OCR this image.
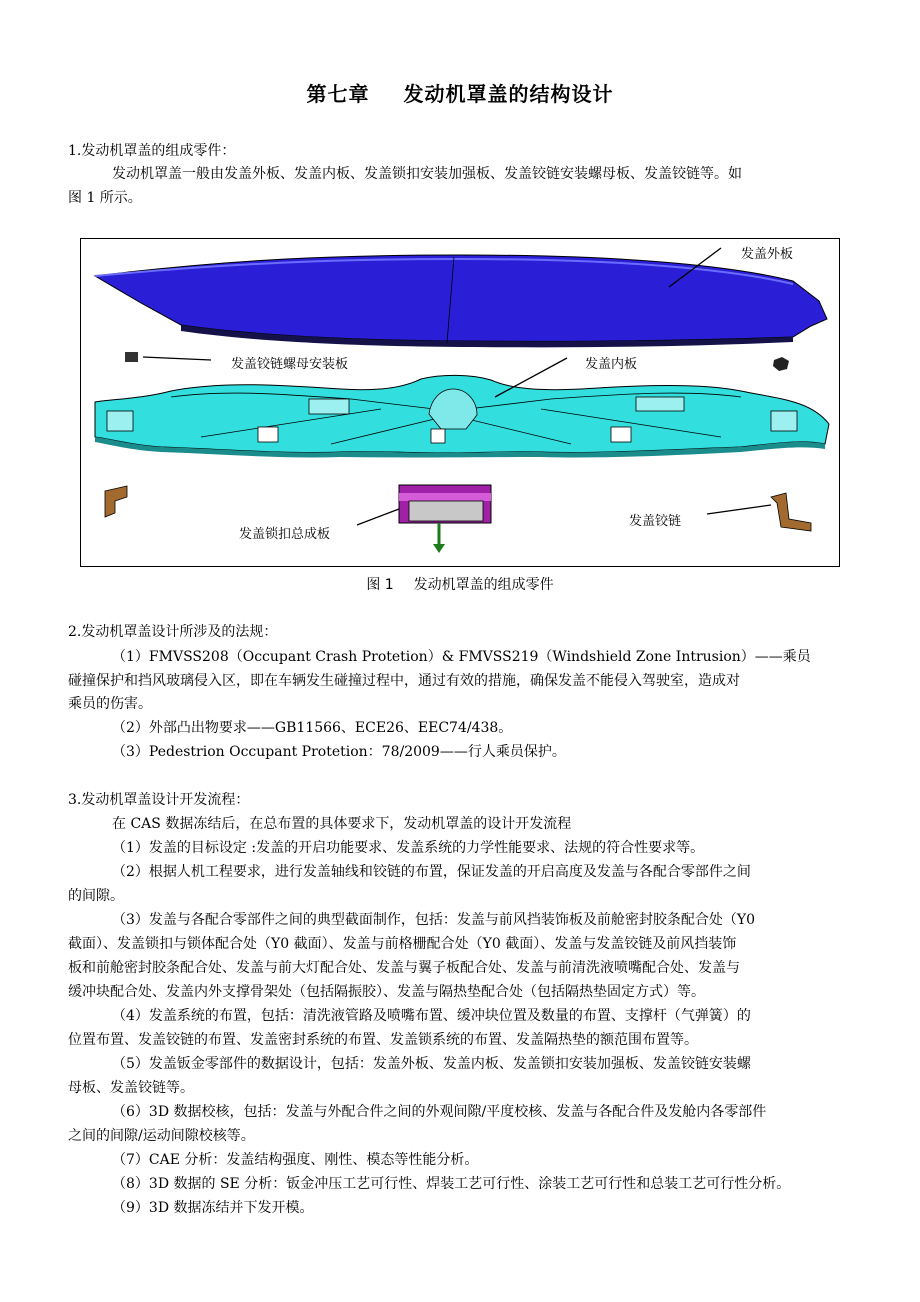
第七章 发动机罩盖的结构设计
1.发动机罩盖的组成零件：
发动机罩盖一般由发盖外板、发盖内板、发盖锁扣安装加强板、发盖铰链安装螺母板、发盖铰链等。如
图 1 所示。
发盖外板
发盖铰链螺母安装板	发盖内板
发盖锁扣总成板
发盖铰链
图 1 发动机罩盖的组成零件
2.发动机罩盖设计所涉及的法规：
（1）FMVSS208（Occupant Crash Protetion）& FMVSS219（Windshield Zone Intrusion）——乘员
碰撞保护和挡风玻璃侵入区，即在车辆发生碰撞过程中，通过有效的措施，确保发盖不能侵入驾驶室，造成对
乘员的伤害。
（2）外部凸出物要求——GB11566、ECE26、EEC74/438。
（3）Pedestrion Occupant Protetion：78/2009——行人乘员保护。
3.发动机罩盖设计开发流程：
在 CAS 数据冻结后，在总布置的具体要求下，发动机罩盖的设计开发流程
（1）发盖的目标设定 :发盖的开启功能要求、发盖系统的力学性能要求、法规的符合性要求等。
（2）根据人机工程要求，进行发盖轴线和铰链的布置，保证发盖的开启高度及发盖与各配合零部件之间
的间隙。
（3）发盖与各配合零部件之间的典型截面制作，包括：发盖与前风挡装饰板及前舱密封胶条配合处（Y0
截面）、发盖锁扣与锁体配合处（Y0 截面）、发盖与前格栅配合处（Y0 截面）、发盖与发盖铰链及前风挡装饰
板和前舱密封胶条配合处、发盖与前大灯配合处、发盖与翼子板配合处、发盖与前清洗液喷嘴配合处、发盖与
缓冲块配合处、发盖内外支撑骨架处（包括隔振胶）、发盖与隔热垫配合处（包括隔热垫固定方式）等。
（4）发盖系统的布置，包括：清洗液管路及喷嘴布置、缓冲块位置及数量的布置、支撑杆（气弹簧）的
位置布置、发盖铰链的布置、发盖密封系统的布置、发盖锁系统的布置、发盖隔热垫的额范围布置等。
（5）发盖钣金零部件的数据设计，包括：发盖外板、发盖内板、发盖锁扣安装加强板、发盖铰链安装螺
母板、发盖铰链等。
（6）3D 数据校核，包括：发盖与外配合件之间的外观间隙/平度校核、发盖与各配合件及发舱内各零部件
之间的间隙/运动间隙校核等。
（7）CAE 分析：发盖结构强度、刚性、模态等性能分析。
（8）3D 数据的 SE 分析：钣金冲压工艺可行性、焊装工艺可行性、涂装工艺可行性和总装工艺可行性分析。
（9）3D 数据冻结并下发开模。
